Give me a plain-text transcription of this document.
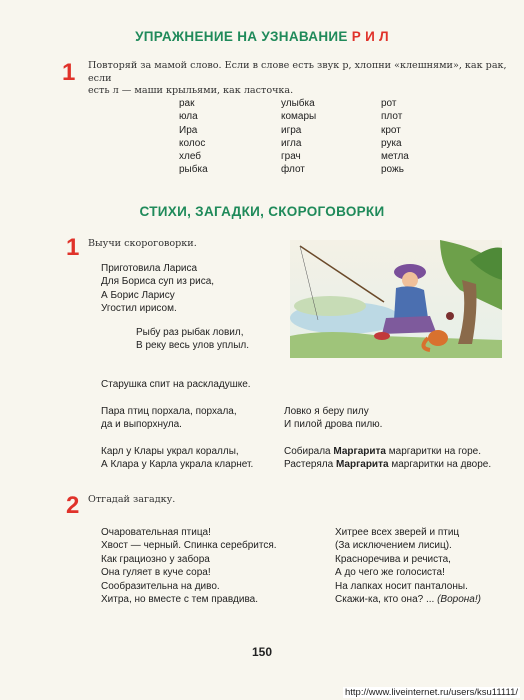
УПРАЖНЕНИЕ НА УЗНАВАНИЕ Р И Л
1 Повторяй за мамой слово. Если в слове есть звук р, хлопни «клешнями», как рак, если
есть л — маши крыльями, как ласточка.
рак
юла
Ира
колос
хлеб
рыбка
улыбка
комары
игра
игла
грач
флот
рот
плот
крот
рука
метла
рожь
СТИХИ, ЗАГАДКИ, СКОРОГОВОРКИ
1 Выучи скороговорки.
Приготовила Лариса
Для Бориса суп из риса,
А Борис Ларису
Угостил ирисом.
Рыбу раз рыбак ловил,
В реку весь улов уплыл.
Старушка спит на раскладушке.
Пара птиц порхала, порхала,
да и выпорхнула.
Ловко я беру пилу
И пилой дрова пилю.
Карл у Клары украл кораллы,
А Клара у Карла украла кларнет.
Собирала Маргарита маргаритки на горе.
Растеряла Маргарита маргаритки на дворе.
2 Отгадай загадку.
Очаровательная птица!
Хвост — черный. Спинка серебрится.
Как грациозно у забора
Она гуляет в куче сора!
Сообразительна на диво.
Хитра, но вместе с тем правдива.
Хитрее всех зверей и птиц
(За исключением лисиц).
Красноречива и речиста,
А до чего же голосиста!
На лапках носит панталоны.
Скажи-ка, кто она? ... (Ворона!)
150
http://www.liveinternet.ru/users/ksu11111/
